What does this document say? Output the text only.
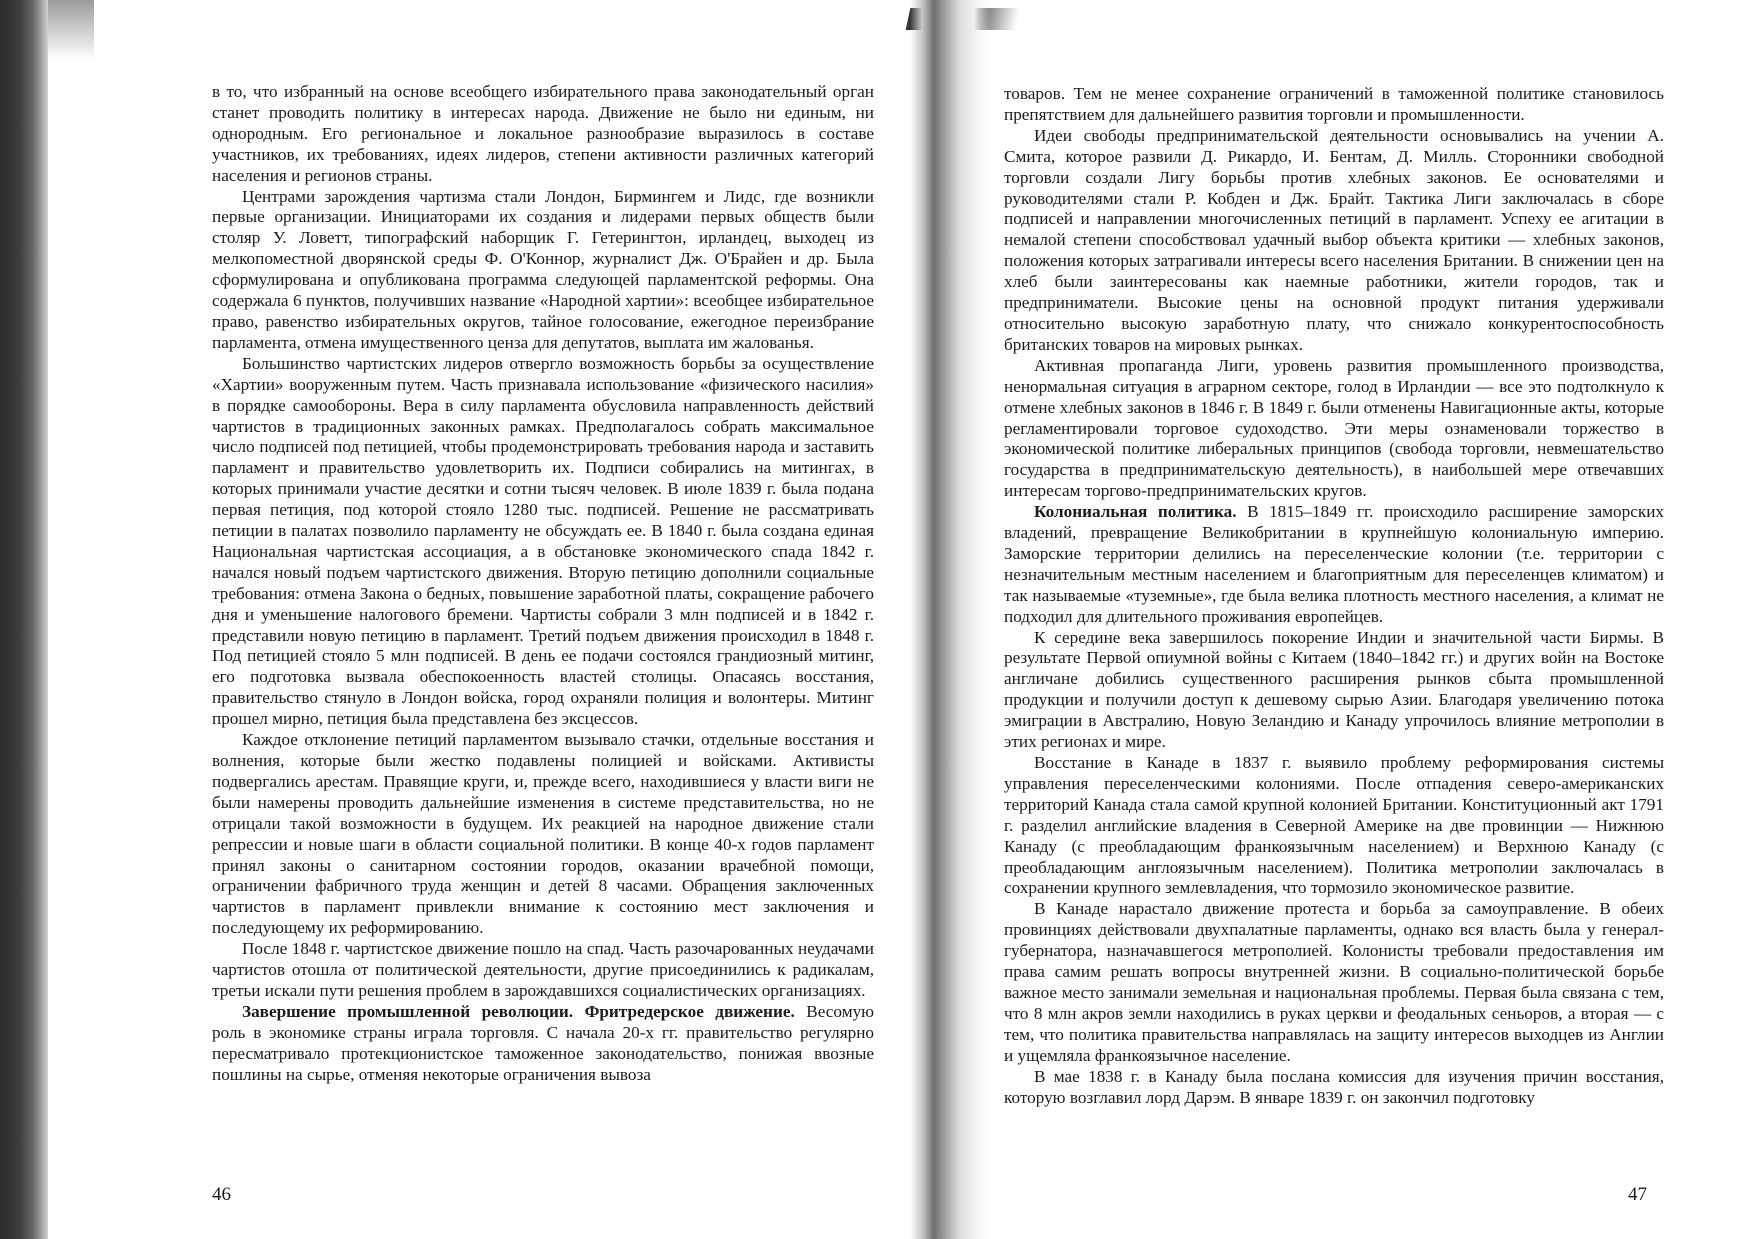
в то, что избранный на основе всеобщего избирательного права законодательный орган станет проводить политику в интересах народа. Движение не было ни единым, ни однородным. Его региональное и локальное разнообразие выразилось в составе участников, их требованиях, идеях лидеров, степени активности различных категорий населения и регионов страны.

Центрами зарождения чартизма стали Лондон, Бирмингем и Лидс, где возникли первые организации. Инициаторами их создания и лидерами первых обществ были столяр У. Ловетт, типографский наборщик Г. Гетерингтон, ирландец, выходец из мелкопоместной дворянской среды Ф. О'Коннор, журналист Дж. О'Брайен и др. Была сформулирована и опубликована программа следующей парламентской реформы. Она содержала 6 пунктов, получивших название «Народной хартии»: всеобщее избирательное право, равенство избирательных округов, тайное голосование, ежегодное переизбрание парламента, отмена имущественного ценза для депутатов, выплата им жалованья.

Большинство чартистских лидеров отвергло возможность борьбы за осуществление «Хартии» вооруженным путем. Часть признавала использование «физического насилия» в порядке самообороны. Вера в силу парламента обусловила направленность действий чартистов в традиционных законных рамках. Предполагалось собрать максимальное число подписей под петицией, чтобы продемонстрировать требования народа и заставить парламент и правительство удовлетворить их. Подписи собирались на митингах, в которых принимали участие десятки и сотни тысяч человек. В июле 1839 г. была подана первая петиция, под которой стояло 1280 тыс. подписей. Решение не рассматривать петиции в палатах позволило парламенту не обсуждать ее. В 1840 г. была создана единая Национальная чартистская ассоциация, а в обстановке экономического спада 1842 г. начался новый подъем чартистского движения. Вторую петицию дополнили социальные требования: отмена Закона о бедных, повышение заработной платы, сокращение рабочего дня и уменьшение налогового бремени. Чартисты собрали 3 млн подписей и в 1842 г. представили новую петицию в парламент. Третий подъем движения происходил в 1848 г. Под петицией стояло 5 млн подписей. В день ее подачи состоялся грандиозный митинг, его подготовка вызвала обеспокоенность властей столицы. Опасаясь восстания, правительство стянуло в Лондон войска, город охраняли полиция и волонтеры. Митинг прошел мирно, петиция была представлена без эксцессов.

Каждое отклонение петиций парламентом вызывало стачки, отдельные восстания и волнения, которые были жестко подавлены полицией и войсками. Активисты подвергались арестам. Правящие круги, и, прежде всего, находившиеся у власти виги не были намерены проводить дальнейшие изменения в системе представительства, но не отрицали такой возможности в будущем. Их реакцией на народное движение стали репрессии и новые шаги в области социальной политики. В конце 40-х годов парламент принял законы о санитарном состоянии городов, оказании врачебной помощи, ограничении фабричного труда женщин и детей 8 часами. Обращения заключенных чартистов в парламент привлекли внимание к состоянию мест заключения и последующему их реформированию.

После 1848 г. чартистское движение пошло на спад. Часть разочарованных неудачами чартистов отошла от политической деятельности, другие присоединились к радикалам, третьи искали пути решения проблем в зарождавшихся социалистических организациях.

Завершение промышленной революции. Фритредерское движение. Весомую роль в экономике страны играла торговля. С начала 20-х гг. правительство регулярно пересматривало протекционистское таможенное законодательство, понижая ввозные пошлины на сырье, отменяя некоторые ограничения вывоза

товаров. Тем не менее сохранение ограничений в таможенной политике становилось препятствием для дальнейшего развития торговли и промышленности.

Идеи свободы предпринимательской деятельности основывались на учении А. Смита, которое развили Д. Рикардо, И. Бентам, Д. Милль. Сторонники свободной торговли создали Лигу борьбы против хлебных законов. Ее основателями и руководителями стали Р. Кобден и Дж. Брайт. Тактика Лиги заключалась в сборе подписей и направлении многочисленных петиций в парламент. Успеху ее агитации в немалой степени способствовал удачный выбор объекта критики — хлебных законов, положения которых затрагивали интересы всего населения Британии. В снижении цен на хлеб были заинтересованы как наемные работники, жители городов, так и предприниматели. Высокие цены на основной продукт питания удерживали относительно высокую заработную плату, что снижало конкурентоспособность британских товаров на мировых рынках.

Активная пропаганда Лиги, уровень развития промышленного производства, ненормальная ситуация в аграрном секторе, голод в Ирландии — все это подтолкнуло к отмене хлебных законов в 1846 г. В 1849 г. были отменены Навигационные акты, которые регламентировали торговое судоходство. Эти меры ознаменовали торжество в экономической политике либеральных принципов (свобода торговли, невмешательство государства в предпринимательскую деятельность), в наибольшей мере отвечавших интересам торгово-предпринимательских кругов.

Колониальная политика. В 1815–1849 гг. происходило расширение заморских владений, превращение Великобритании в крупнейшую колониальную империю. Заморские территории делились на переселенческие колонии (т.е. территории с незначительным местным населением и благоприятным для переселенцев климатом) и так называемые «туземные», где была велика плотность местного населения, а климат не подходил для длительного проживания европейцев.

К середине века завершилось покорение Индии и значительной части Бирмы. В результате Первой опиумной войны с Китаем (1840–1842 гг.) и других войн на Востоке англичане добились существенного расширения рынков сбыта промышленной продукции и получили доступ к дешевому сырью Азии. Благодаря увеличению потока эмиграции в Австралию, Новую Зеландию и Канаду упрочилось влияние метрополии в этих регионах и мире.

Восстание в Канаде в 1837 г. выявило проблему реформирования системы управления переселенческими колониями. После отпадения северо-американских территорий Канада стала самой крупной колонией Британии. Конституционный акт 1791 г. разделил английские владения в Северной Америке на две провинции — Нижнюю Канаду (с преобладающим франкоязычным населением) и Верхнюю Канаду (с преобладающим англоязычным населением). Политика метрополии заключалась в сохранении крупного землевладения, что тормозило экономическое развитие.

В Канаде нарастало движение протеста и борьба за самоуправление. В обеих провинциях действовали двухпалатные парламенты, однако вся власть была у генерал-губернатора, назначавшегося метрополией. Колонисты требовали предоставления им права самим решать вопросы внутренней жизни. В социально-политической борьбе важное место занимали земельная и национальная проблемы. Первая была связана с тем, что 8 млн акров земли находились в руках церкви и феодальных сеньоров, а вторая — с тем, что политика правительства направлялась на защиту интересов выходцев из Англии и ущемляла франкоязычное население.

В мае 1838 г. в Канаду была послана комиссия для изучения причин восстания, которую возглавил лорд Дарэм. В январе 1839 г. он закончил подготовку

46	47
